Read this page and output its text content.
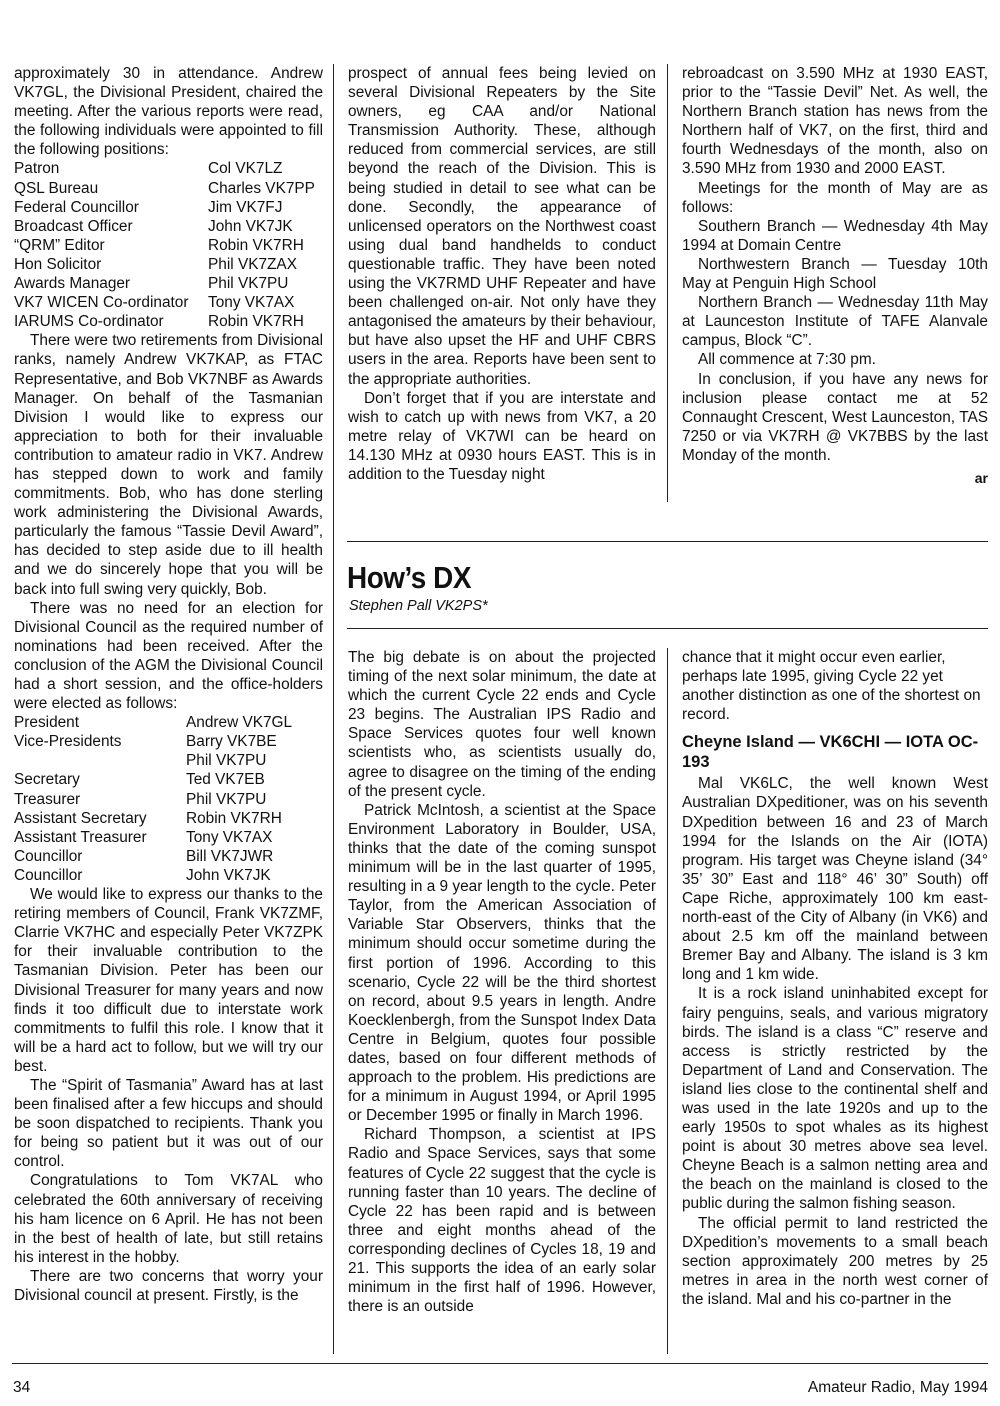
approximately 30 in attendance. Andrew VK7GL, the Divisional President, chaired the meeting. After the various reports were read, the following individuals were appointed to fill the following positions:

Patron	Col VK7LZ
QSL Bureau	Charles VK7PP
Federal Councillor	Jim VK7FJ
Broadcast Officer	John VK7JK
“QRM” Editor	Robin VK7RH
Hon Solicitor	Phil VK7ZAX
Awards Manager	Phil VK7PU
VK7 WICEN Co-ordinator	Tony VK7AX
IARUMS Co-ordinator	Robin VK7RH

There were two retirements from Divisional ranks, namely Andrew VK7KAP, as FTAC Representative, and Bob VK7NBF as Awards Manager. On behalf of the Tasmanian Division I would like to express our appreciation to both for their invaluable contribution to amateur radio in VK7. Andrew has stepped down to work and family commitments. Bob, who has done sterling work administering the Divisional Awards, particularly the famous “Tassie Devil Award”, has decided to step aside due to ill health and we do sincerely hope that you will be back into full swing very quickly, Bob.

There was no need for an election for Divisional Council as the required number of nominations had been received. After the conclusion of the AGM the Divisional Council had a short session, and the office-holders were elected as follows:

President	Andrew VK7GL
Vice-Presidents	Barry VK7BE
Phil VK7PU
Secretary	Ted VK7EB
Treasurer	Phil VK7PU
Assistant Secretary	Robin VK7RH
Assistant Treasurer	Tony VK7AX
Councillor	Bill VK7JWR
Councillor	John VK7JK

We would like to express our thanks to the retiring members of Council, Frank VK7ZMF, Clarrie VK7HC and especially Peter VK7ZPK for their invaluable contribution to the Tasmanian Division. Peter has been our Divisional Treasurer for many years and now finds it too difficult due to interstate work commitments to fulfil this role. I know that it will be a hard act to follow, but we will try our best.

The “Spirit of Tasmania” Award has at last been finalised after a few hiccups and should be soon dispatched to recipients. Thank you for being so patient but it was out of our control.

Congratulations to Tom VK7AL who celebrated the 60th anniversary of receiving his ham licence on 6 April. He has not been in the best of health of late, but still retains his interest in the hobby.

There are two concerns that worry your Divisional council at present. Firstly, is the

prospect of annual fees being levied on several Divisional Repeaters by the Site owners, eg CAA and/or National Transmission Authority. These, although reduced from commercial services, are still beyond the reach of the Division. This is being studied in detail to see what can be done. Secondly, the appearance of unlicensed operators on the Northwest coast using dual band handhelds to conduct questionable traffic. They have been noted using the VK7RMD UHF Repeater and have been challenged on-air. Not only have they antagonised the amateurs by their behaviour, but have also upset the HF and UHF CBRS users in the area. Reports have been sent to the appropriate authorities.

Don’t forget that if you are interstate and wish to catch up with news from VK7, a 20 metre relay of VK7WI can be heard on 14.130 MHz at 0930 hours EAST. This is in addition to the Tuesday night

rebroadcast on 3.590 MHz at 1930 EAST, prior to the “Tassie Devil” Net. As well, the Northern Branch station has news from the Northern half of VK7, on the first, third and fourth Wednesdays of the month, also on 3.590 MHz from 1930 and 2000 EAST.

Meetings for the month of May are as follows:

Southern Branch — Wednesday 4th May 1994 at Domain Centre

Northwestern Branch — Tuesday 10th May at Penguin High School

Northern Branch — Wednesday 11th May at Launceston Institute of TAFE Alanvale campus, Block “C”.

All commence at 7:30 pm.

In conclusion, if you have any news for inclusion please contact me at 52 Connaught Crescent, West Launceston, TAS 7250 or via VK7RH @ VK7BBS by the last Monday of the month.

ar
How’s DX
Stephen Pall VK2PS*

The big debate is on about the projected timing of the next solar minimum, the date at which the current Cycle 22 ends and Cycle 23 begins. The Australian IPS Radio and Space Services quotes four well known scientists who, as scientists usually do, agree to disagree on the timing of the ending of the present cycle.

Patrick McIntosh, a scientist at the Space Environment Laboratory in Boulder, USA, thinks that the date of the coming sunspot minimum will be in the last quarter of 1995, resulting in a 9 year length to the cycle. Peter Taylor, from the American Association of Variable Star Observers, thinks that the minimum should occur sometime during the first portion of 1996. According to this scenario, Cycle 22 will be the third shortest on record, about 9.5 years in length. Andre Koecklenbergh, from the Sunspot Index Data Centre in Belgium, quotes four possible dates, based on four different methods of approach to the problem. His predictions are for a minimum in August 1994, or April 1995 or December 1995 or finally in March 1996.

Richard Thompson, a scientist at IPS Radio and Space Services, says that some features of Cycle 22 suggest that the cycle is running faster than 10 years. The decline of Cycle 22 has been rapid and is between three and eight months ahead of the corresponding declines of Cycles 18, 19 and 21. This supports the idea of an early solar minimum in the first half of 1996. However, there is an outside

chance that it might occur even earlier, perhaps late 1995, giving Cycle 22 yet another distinction as one of the shortest on record.

Cheyne Island — VK6CHI — IOTA OC-193

Mal VK6LC, the well known West Australian DXpeditioner, was on his seventh DXpedition between 16 and 23 of March 1994 for the Islands on the Air (IOTA) program. His target was Cheyne island (34° 35’ 30” East and 118° 46’ 30” South) off Cape Riche, approximately 100 km east-north-east of the City of Albany (in VK6) and about 2.5 km off the mainland between Bremer Bay and Albany. The island is 3 km long and 1 km wide.

It is a rock island uninhabited except for fairy penguins, seals, and various migratory birds. The island is a class “C” reserve and access is strictly restricted by the Department of Land and Conservation. The island lies close to the continental shelf and was used in the late 1920s and up to the early 1950s to spot whales as its highest point is about 30 metres above sea level. Cheyne Beach is a salmon netting area and the beach on the mainland is closed to the public during the salmon fishing season.

The official permit to land restricted the DXpedition’s movements to a small beach section approximately 200 metres by 25 metres in area in the north west corner of the island. Mal and his co-partner in the

34	Amateur Radio, May 1994
